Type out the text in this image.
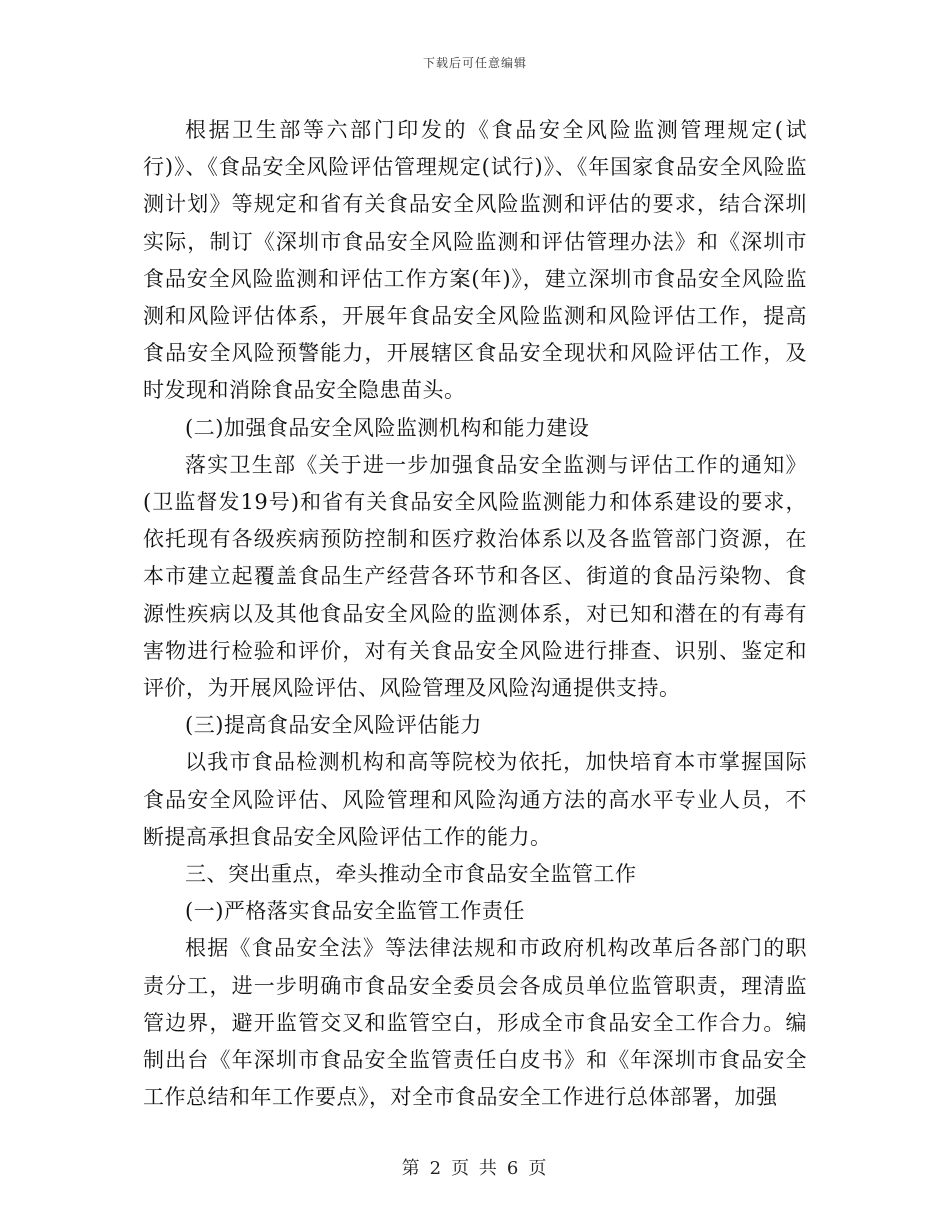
下载后可任意编辑

根据卫生部等六部门印发的《食品安全风险监测管理规定(试行)》、《食品安全风险评估管理规定(试行)》、《年国家食品安全风险监测计划》等规定和省有关食品安全风险监测和评估的要求，结合深圳实际，制订《深圳市食品安全风险监测和评估管理办法》和《深圳市食品安全风险监测和评估工作方案(年)》，建立深圳市食品安全风险监测和风险评估体系，开展年食品安全风险监测和风险评估工作，提高食品安全风险预警能力，开展辖区食品安全现状和风险评估工作，及时发现和消除食品安全隐患苗头。

(二)加强食品安全风险监测机构和能力建设

落实卫生部《关于进一步加强食品安全监测与评估工作的通知》(卫监督发19号)和省有关食品安全风险监测能力和体系建设的要求，依托现有各级疾病预防控制和医疗救治体系以及各监管部门资源，在本市建立起覆盖食品生产经营各环节和各区、街道的食品污染物、食源性疾病以及其他食品安全风险的监测体系，对已知和潜在的有毒有害物进行检验和评价，对有关食品安全风险进行排查、识别、鉴定和评价，为开展风险评估、风险管理及风险沟通提供支持。

(三)提高食品安全风险评估能力

以我市食品检测机构和高等院校为依托，加快培育本市掌握国际食品安全风险评估、风险管理和风险沟通方法的高水平专业人员，不断提高承担食品安全风险评估工作的能力。

三、突出重点，牵头推动全市食品安全监管工作

(一)严格落实食品安全监管工作责任

根据《食品安全法》等法律法规和市政府机构改革后各部门的职责分工，进一步明确市食品安全委员会各成员单位监管职责，理清监管边界，避开监管交叉和监管空白，形成全市食品安全工作合力。编制出台《年深圳市食品安全监管责任白皮书》和《年深圳市食品安全工作总结和年工作要点》，对全市食品安全工作进行总体部署，加强

第 2 页 共 6 页
